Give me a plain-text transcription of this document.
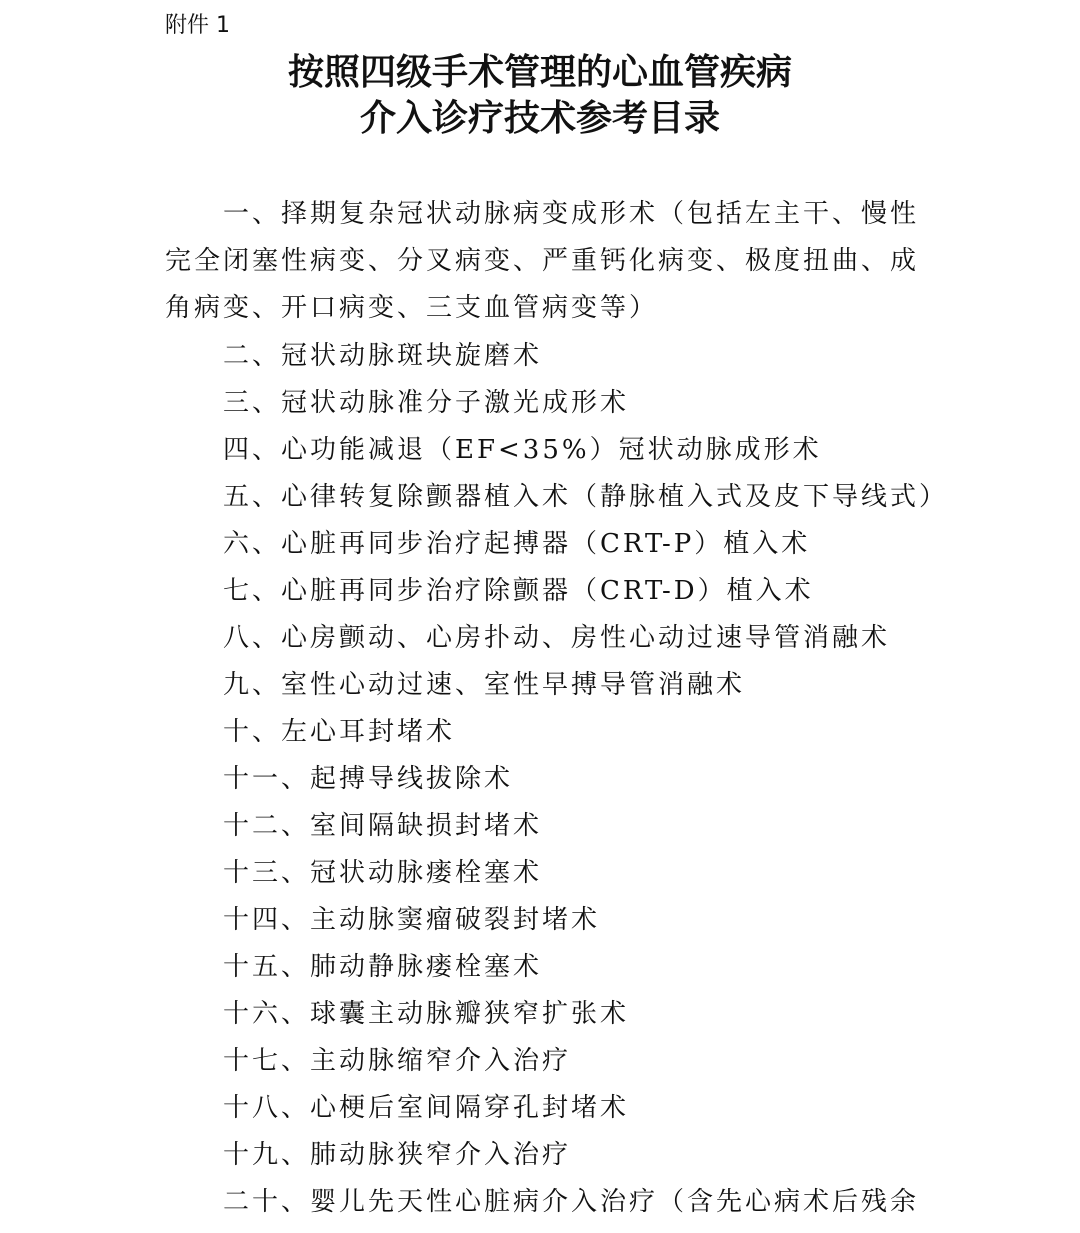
附件 1
按照四级手术管理的心血管疾病
介入诊疗技术参考目录
一、择期复杂冠状动脉病变成形术（包括左主干、慢性完全闭塞性病变、分叉病变、严重钙化病变、极度扭曲、成角病变、开口病变、三支血管病变等）
二、冠状动脉斑块旋磨术
三、冠状动脉准分子激光成形术
四、心功能减退（EF<35%）冠状动脉成形术
五、心律转复除颤器植入术（静脉植入式及皮下导线式）
六、心脏再同步治疗起搏器（CRT-P）植入术
七、心脏再同步治疗除颤器（CRT-D）植入术
八、心房颤动、心房扑动、房性心动过速导管消融术
九、室性心动过速、室性早搏导管消融术
十、左心耳封堵术
十一、起搏导线拔除术
十二、室间隔缺损封堵术
十三、冠状动脉瘘栓塞术
十四、主动脉窦瘤破裂封堵术
十五、肺动静脉瘘栓塞术
十六、球囊主动脉瓣狭窄扩张术
十七、主动脉缩窄介入治疗
十八、心梗后室间隔穿孔封堵术
十九、肺动脉狭窄介入治疗
二十、婴儿先天性心脏病介入治疗（含先心病术后残余
